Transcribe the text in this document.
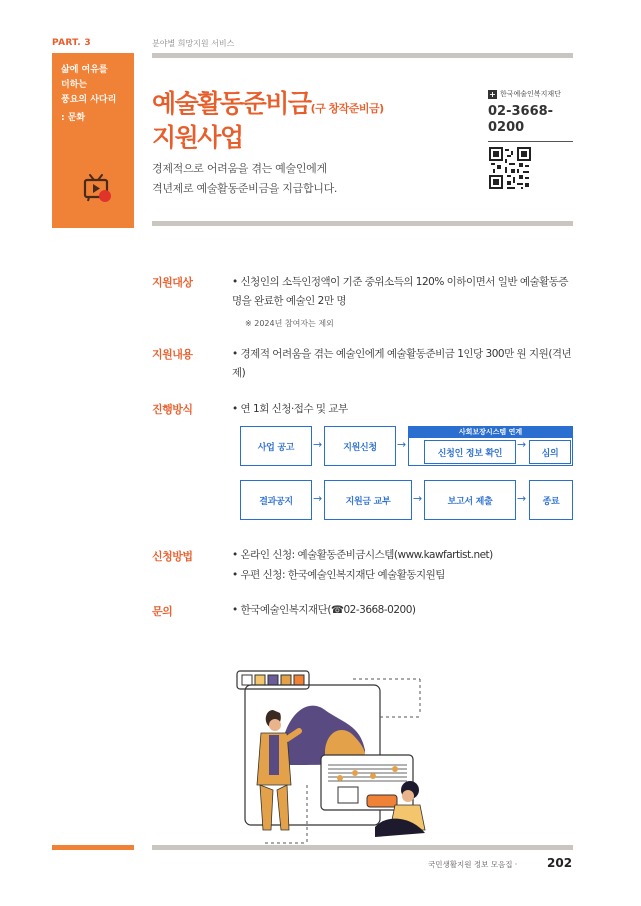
PART. 3	분야별 희망지원 서비스
삶에 여유를
더하는
풍요의 사다리
: 문화	예술활동준비금(구 창작준비금)
지원사업
경제적으로 어려움을 겪는 예술인에게
격년제로 예술활동준비금을 지급합니다.
+ 한국예술인복지재단
02-3668-0200
지원대상	• 신청인의 소득인정액이 기준 중위소득의 120% 이하이면서 일반 예술활동증명을 완료한 예술인 2만 명
※ 2024년 참여자는 제외
지원내용	• 경제적 어려움을 겪는 예술인에게 예술활동준비금 1인당 300만 원 지원(격년제)
진행방식	• 연 1회 신청·접수 및 교부
사회보장시스템 연계
사업 공고	→	지원신청	→
신청인 정보 확인
→
심의
결과공지	→	지원금 교부	→	보고서 제출	→	종료
신청방법	• 온라인 신청: 예술활동준비금시스템(www.kawfartist.net)
• 우편 신청: 한국예술인복지재단 예술활동지원팀
문의	• 한국예술인복지재단(☎02-3668-0200)
국민생활지원 정보 모음집 · 202
